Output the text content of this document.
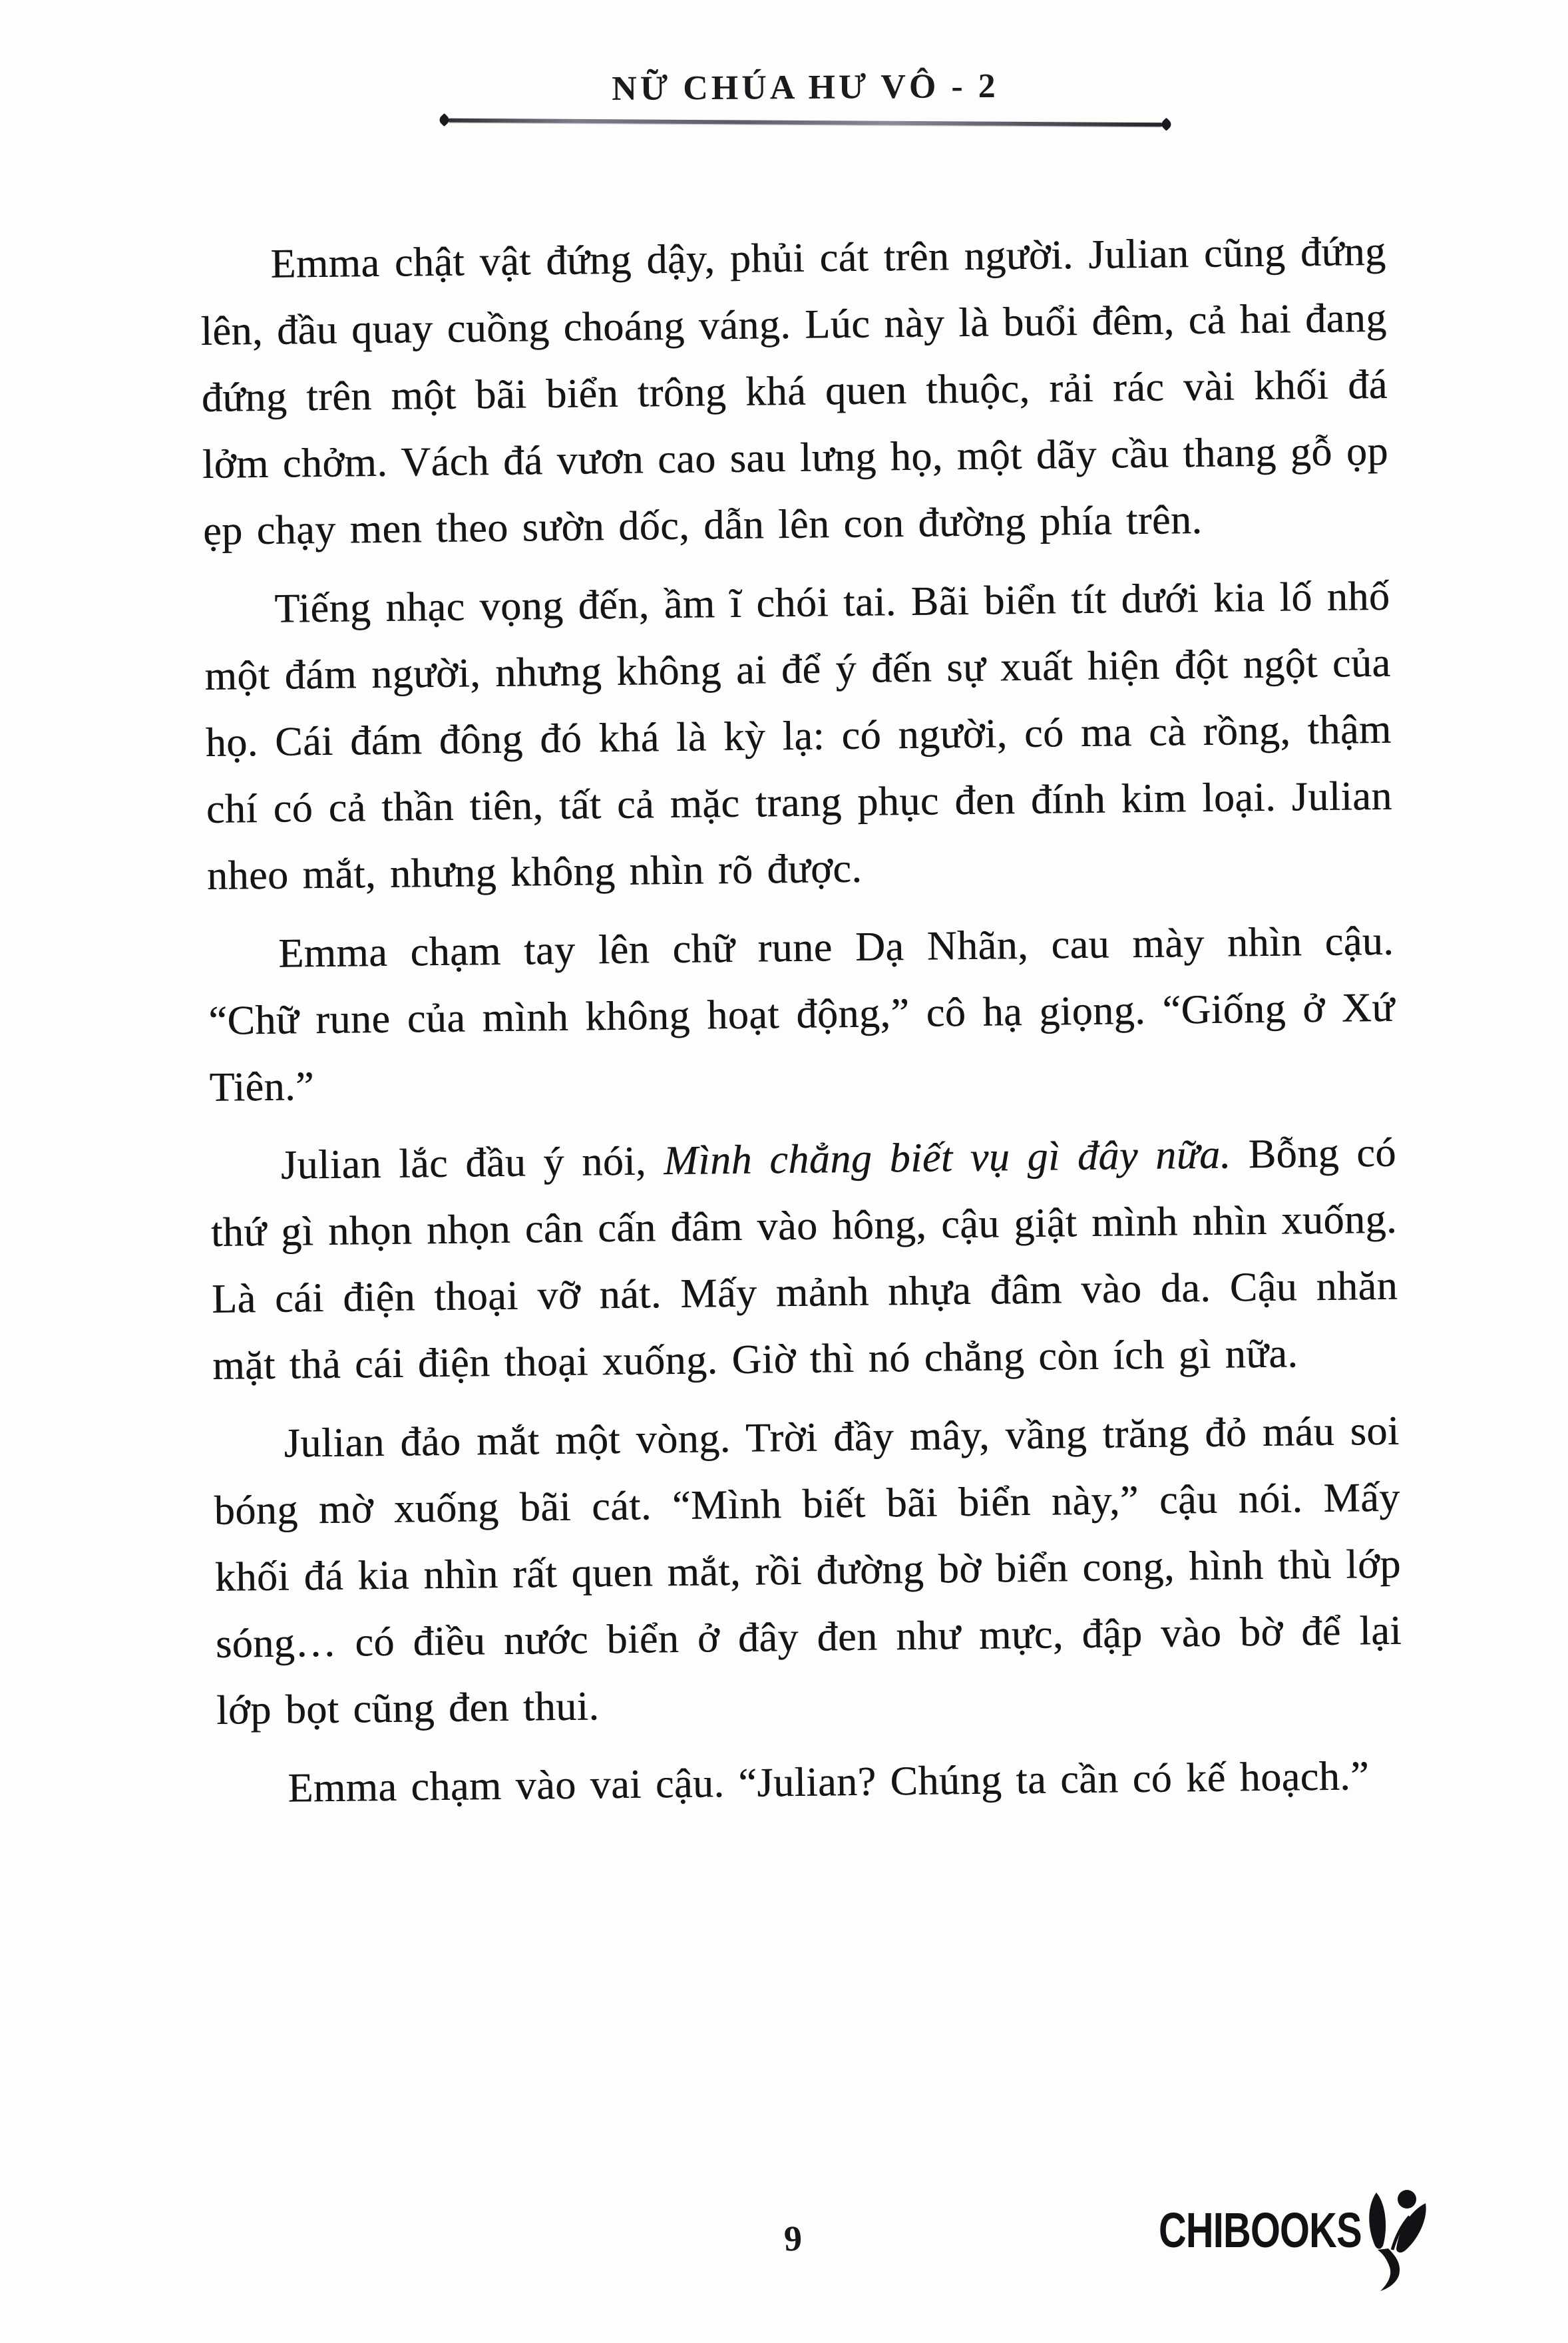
NỮ CHÚA HƯ VÔ - 2

Emma chật vật đứng dậy, phủi cát trên người. Julian cũng đứng lên, đầu quay cuồng choáng váng. Lúc này là buổi đêm, cả hai đang đứng trên một bãi biển trông khá quen thuộc, rải rác vài khối đá lởm chởm. Vách đá vươn cao sau lưng họ, một dãy cầu thang gỗ ọp ẹp chạy men theo sườn dốc, dẫn lên con đường phía trên.

Tiếng nhạc vọng đến, ầm ĩ chói tai. Bãi biển tít dưới kia lố nhố một đám người, nhưng không ai để ý đến sự xuất hiện đột ngột của họ. Cái đám đông đó khá là kỳ lạ: có người, có ma cà rồng, thậm chí có cả thần tiên, tất cả mặc trang phục đen đính kim loại. Julian nheo mắt, nhưng không nhìn rõ được.

Emma chạm tay lên chữ rune Dạ Nhãn, cau mày nhìn cậu. “Chữ rune của mình không hoạt động,” cô hạ giọng. “Giống ở Xứ Tiên.”

Julian lắc đầu ý nói, Mình chẳng biết vụ gì đây nữa. Bỗng có thứ gì nhọn nhọn cân cấn đâm vào hông, cậu giật mình nhìn xuống. Là cái điện thoại vỡ nát. Mấy mảnh nhựa đâm vào da. Cậu nhăn mặt thả cái điện thoại xuống. Giờ thì nó chẳng còn ích gì nữa.

Julian đảo mắt một vòng. Trời đầy mây, vầng trăng đỏ máu soi bóng mờ xuống bãi cát. “Mình biết bãi biển này,” cậu nói. Mấy khối đá kia nhìn rất quen mắt, rồi đường bờ biển cong, hình thù lớp sóng… có điều nước biển ở đây đen như mực, đập vào bờ để lại lớp bọt cũng đen thui.

Emma chạm vào vai cậu. “Julian? Chúng ta cần có kế hoạch.”

9	CHIBOOKS
